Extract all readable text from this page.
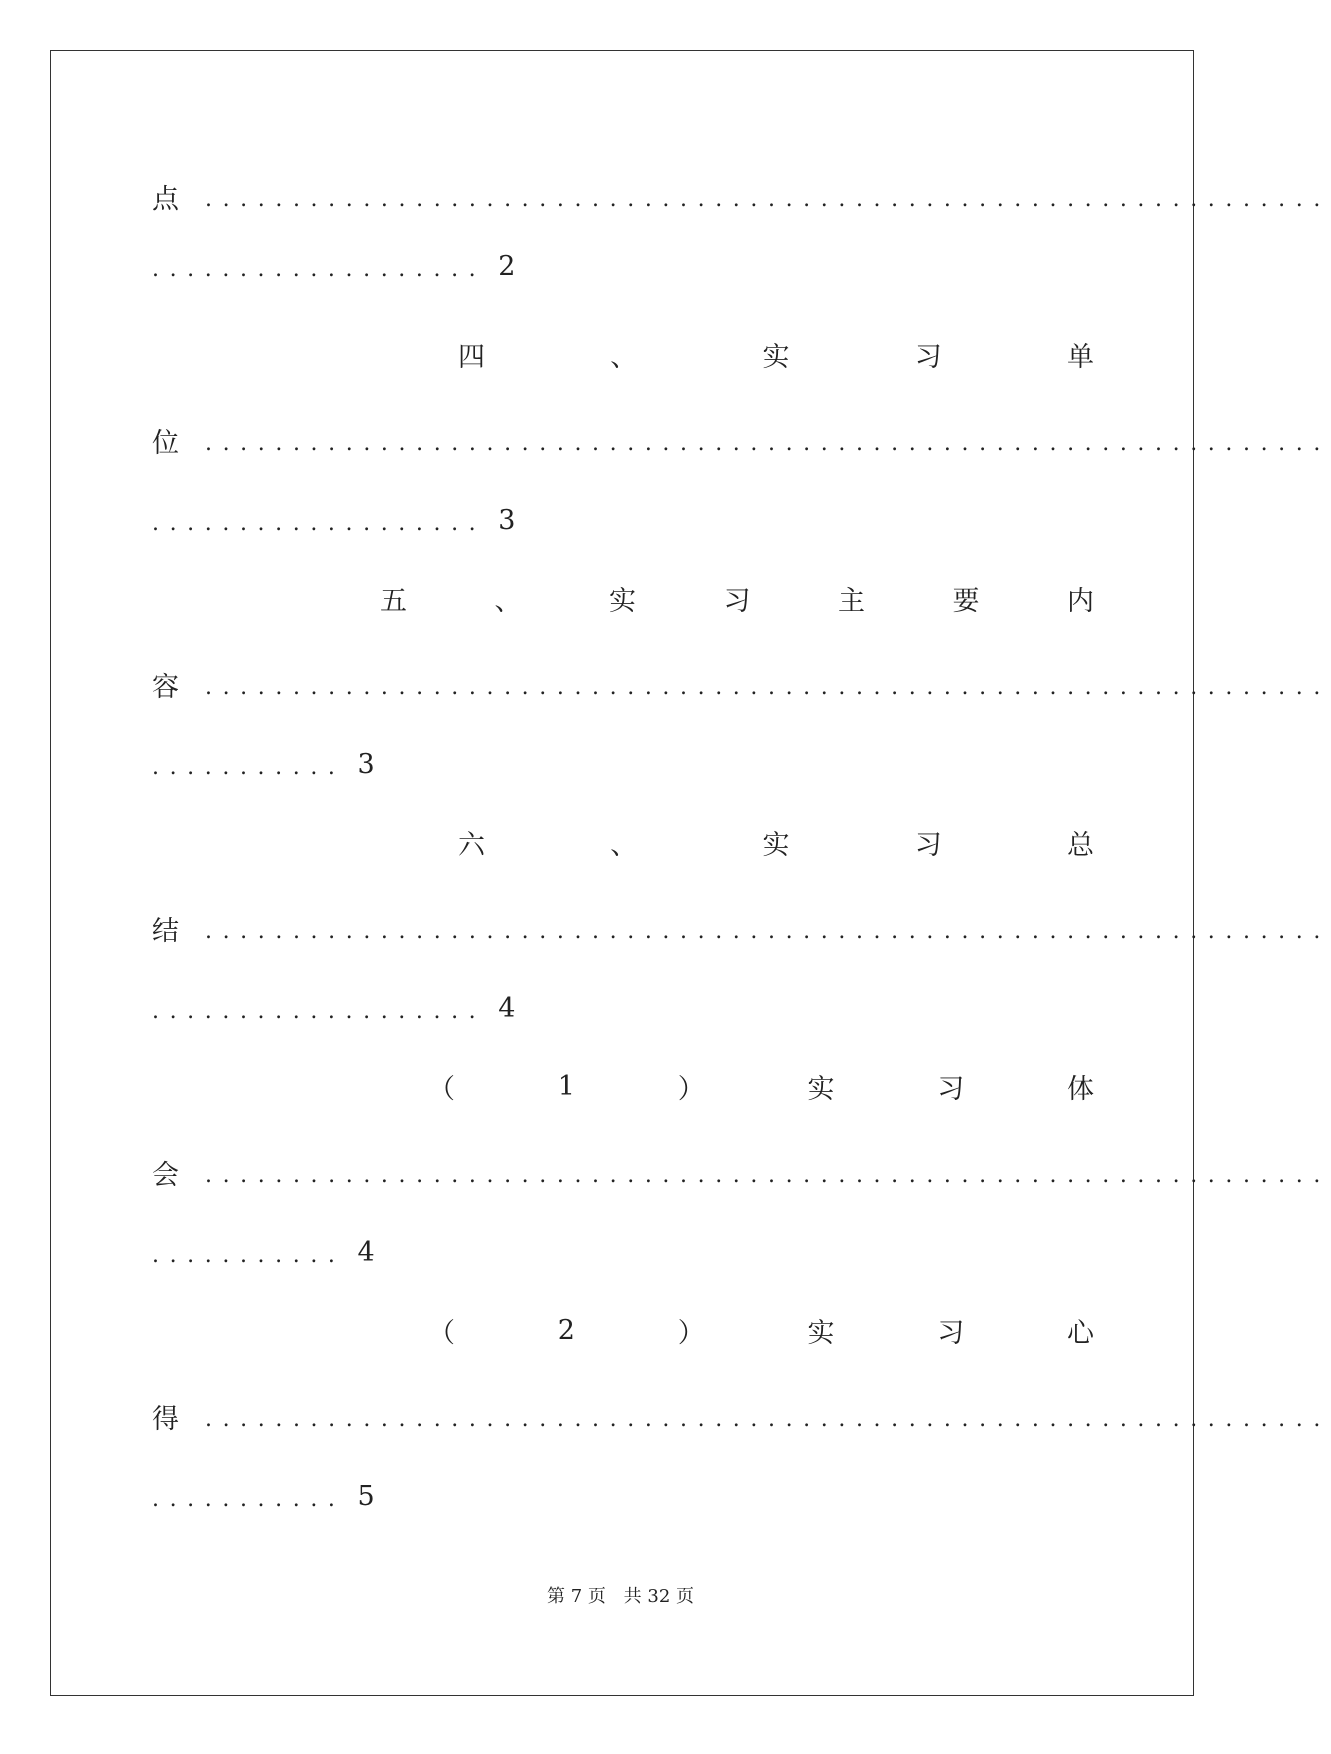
点 ................................................................
................... 2
四	、	实	习	单
位 ................................................................
................... 3
五	、	实	习	主	要	内
容 ................................................................
........... 3
六	、	实	习	总
结 ................................................................
................... 4
（	1	）	实	习	体
会 ................................................................
........... 4
（	2	）	实	习	心
得 ................................................................
........... 5
第 7 页 共 32 页
